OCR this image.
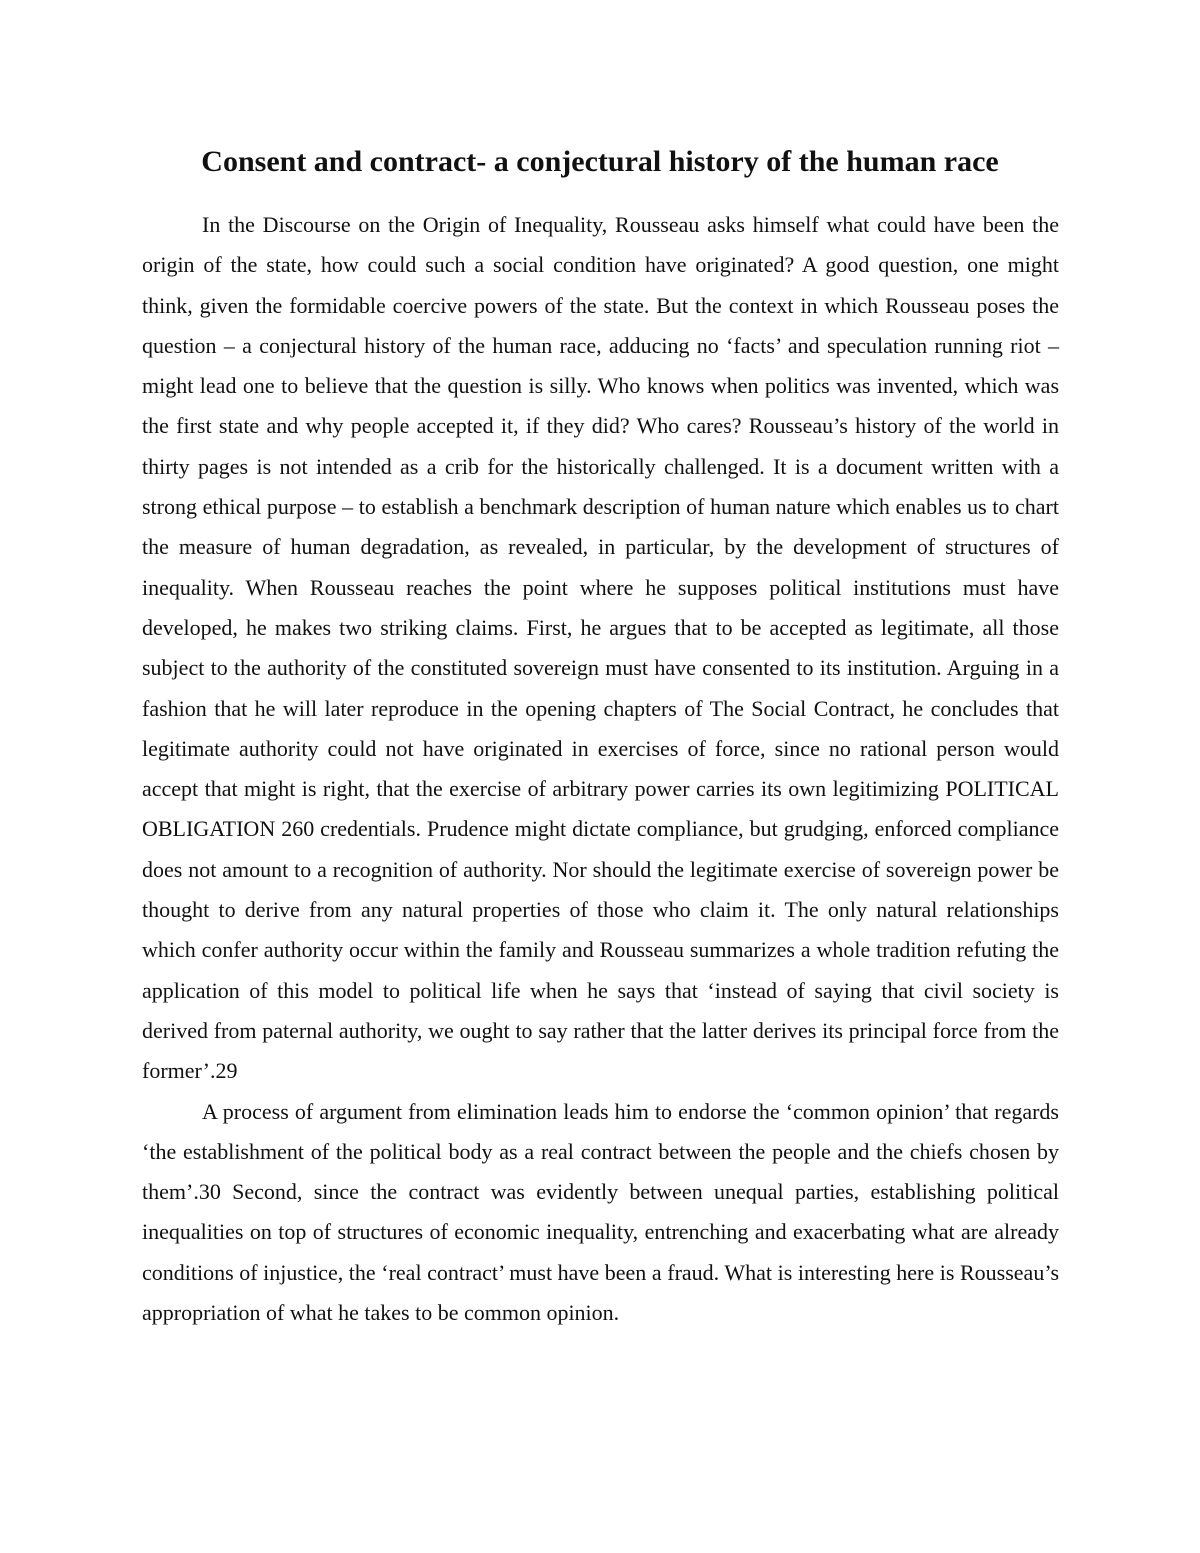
Consent and contract- a conjectural history of the human race

In the Discourse on the Origin of Inequality, Rousseau asks himself what could have been the origin of the state, how could such a social condition have originated? A good question, one might think, given the formidable coercive powers of the state. But the context in which Rousseau poses the question – a conjectural history of the human race, adducing no ‘facts’ and speculation running riot – might lead one to believe that the question is silly. Who knows when politics was invented, which was the first state and why people accepted it, if they did? Who cares? Rousseau’s history of the world in thirty pages is not intended as a crib for the historically challenged. It is a document written with a strong ethical purpose – to establish a benchmark description of human nature which enables us to chart the measure of human degradation, as revealed, in particular, by the development of structures of inequality. When Rousseau reaches the point where he supposes political institutions must have developed, he makes two striking claims. First, he argues that to be accepted as legitimate, all those subject to the authority of the constituted sovereign must have consented to its institution. Arguing in a fashion that he will later reproduce in the opening chapters of The Social Contract, he concludes that legitimate authority could not have originated in exercises of force, since no rational person would accept that might is right, that the exercise of arbitrary power carries its own legitimizing POLITICAL OBLIGATION 260 credentials. Prudence might dictate compliance, but grudging, enforced compliance does not amount to a recognition of authority. Nor should the legitimate exercise of sovereign power be thought to derive from any natural properties of those who claim it. The only natural relationships which confer authority occur within the family and Rousseau summarizes a whole tradition refuting the application of this model to political life when he says that ‘instead of saying that civil society is derived from paternal authority, we ought to say rather that the latter derives its principal force from the former’.29

A process of argument from elimination leads him to endorse the ‘common opinion’ that regards ‘the establishment of the political body as a real contract between the people and the chiefs chosen by them’.30 Second, since the contract was evidently between unequal parties, establishing political inequalities on top of structures of economic inequality, entrenching and exacerbating what are already conditions of injustice, the ‘real contract’ must have been a fraud. What is interesting here is Rousseau’s appropriation of what he takes to be common opinion.
